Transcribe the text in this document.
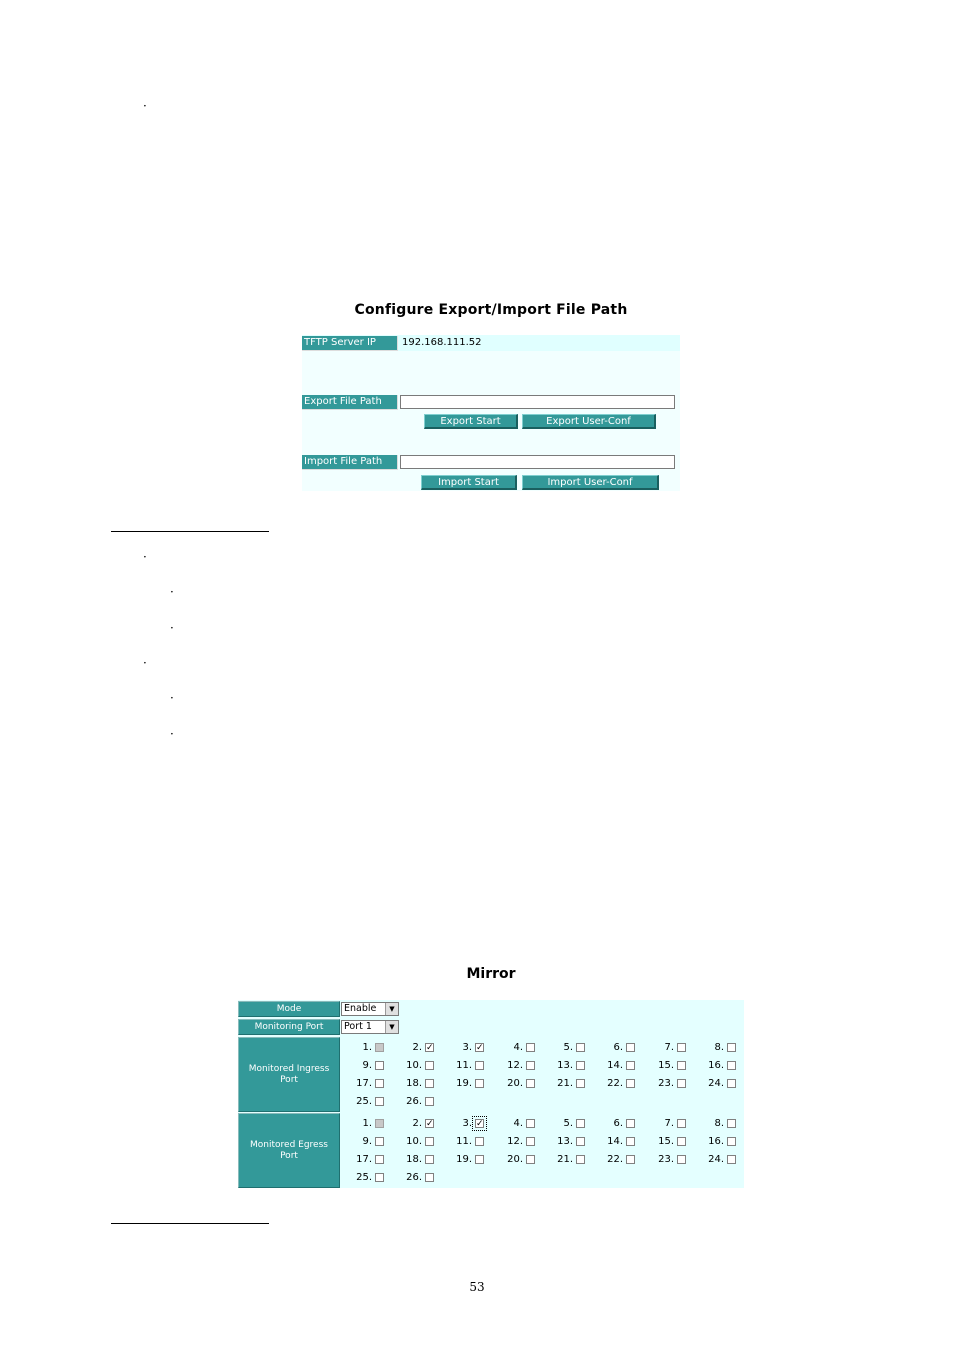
·
·
·
·
·
·
·
Configure Export/Import File Path
TFTP Server IP	192.168.111.52
Export File Path
Export Start	Export User-Conf
Import File Path
Import Start	Import User-Conf
Mirror
Mode	Enable	▼
Monitoring Port	Port 1	▼
Monitored Ingress Port
1.	2. ✓	3. ✓	4.	5.	6.	7.	8.
9.	10.	11.	12.	13.	14.	15.	16.
17.	18.	19.	20.	21.	22.	23.	24.
25.	26.
Monitored Egress Port
1.	2. ✓	3. ✓	4.	5.	6.	7.	8.
9.	10.	11.	12.	13.	14.	15.	16.
17.	18.	19.	20.	21.	22.	23.	24.
25.	26.
53
